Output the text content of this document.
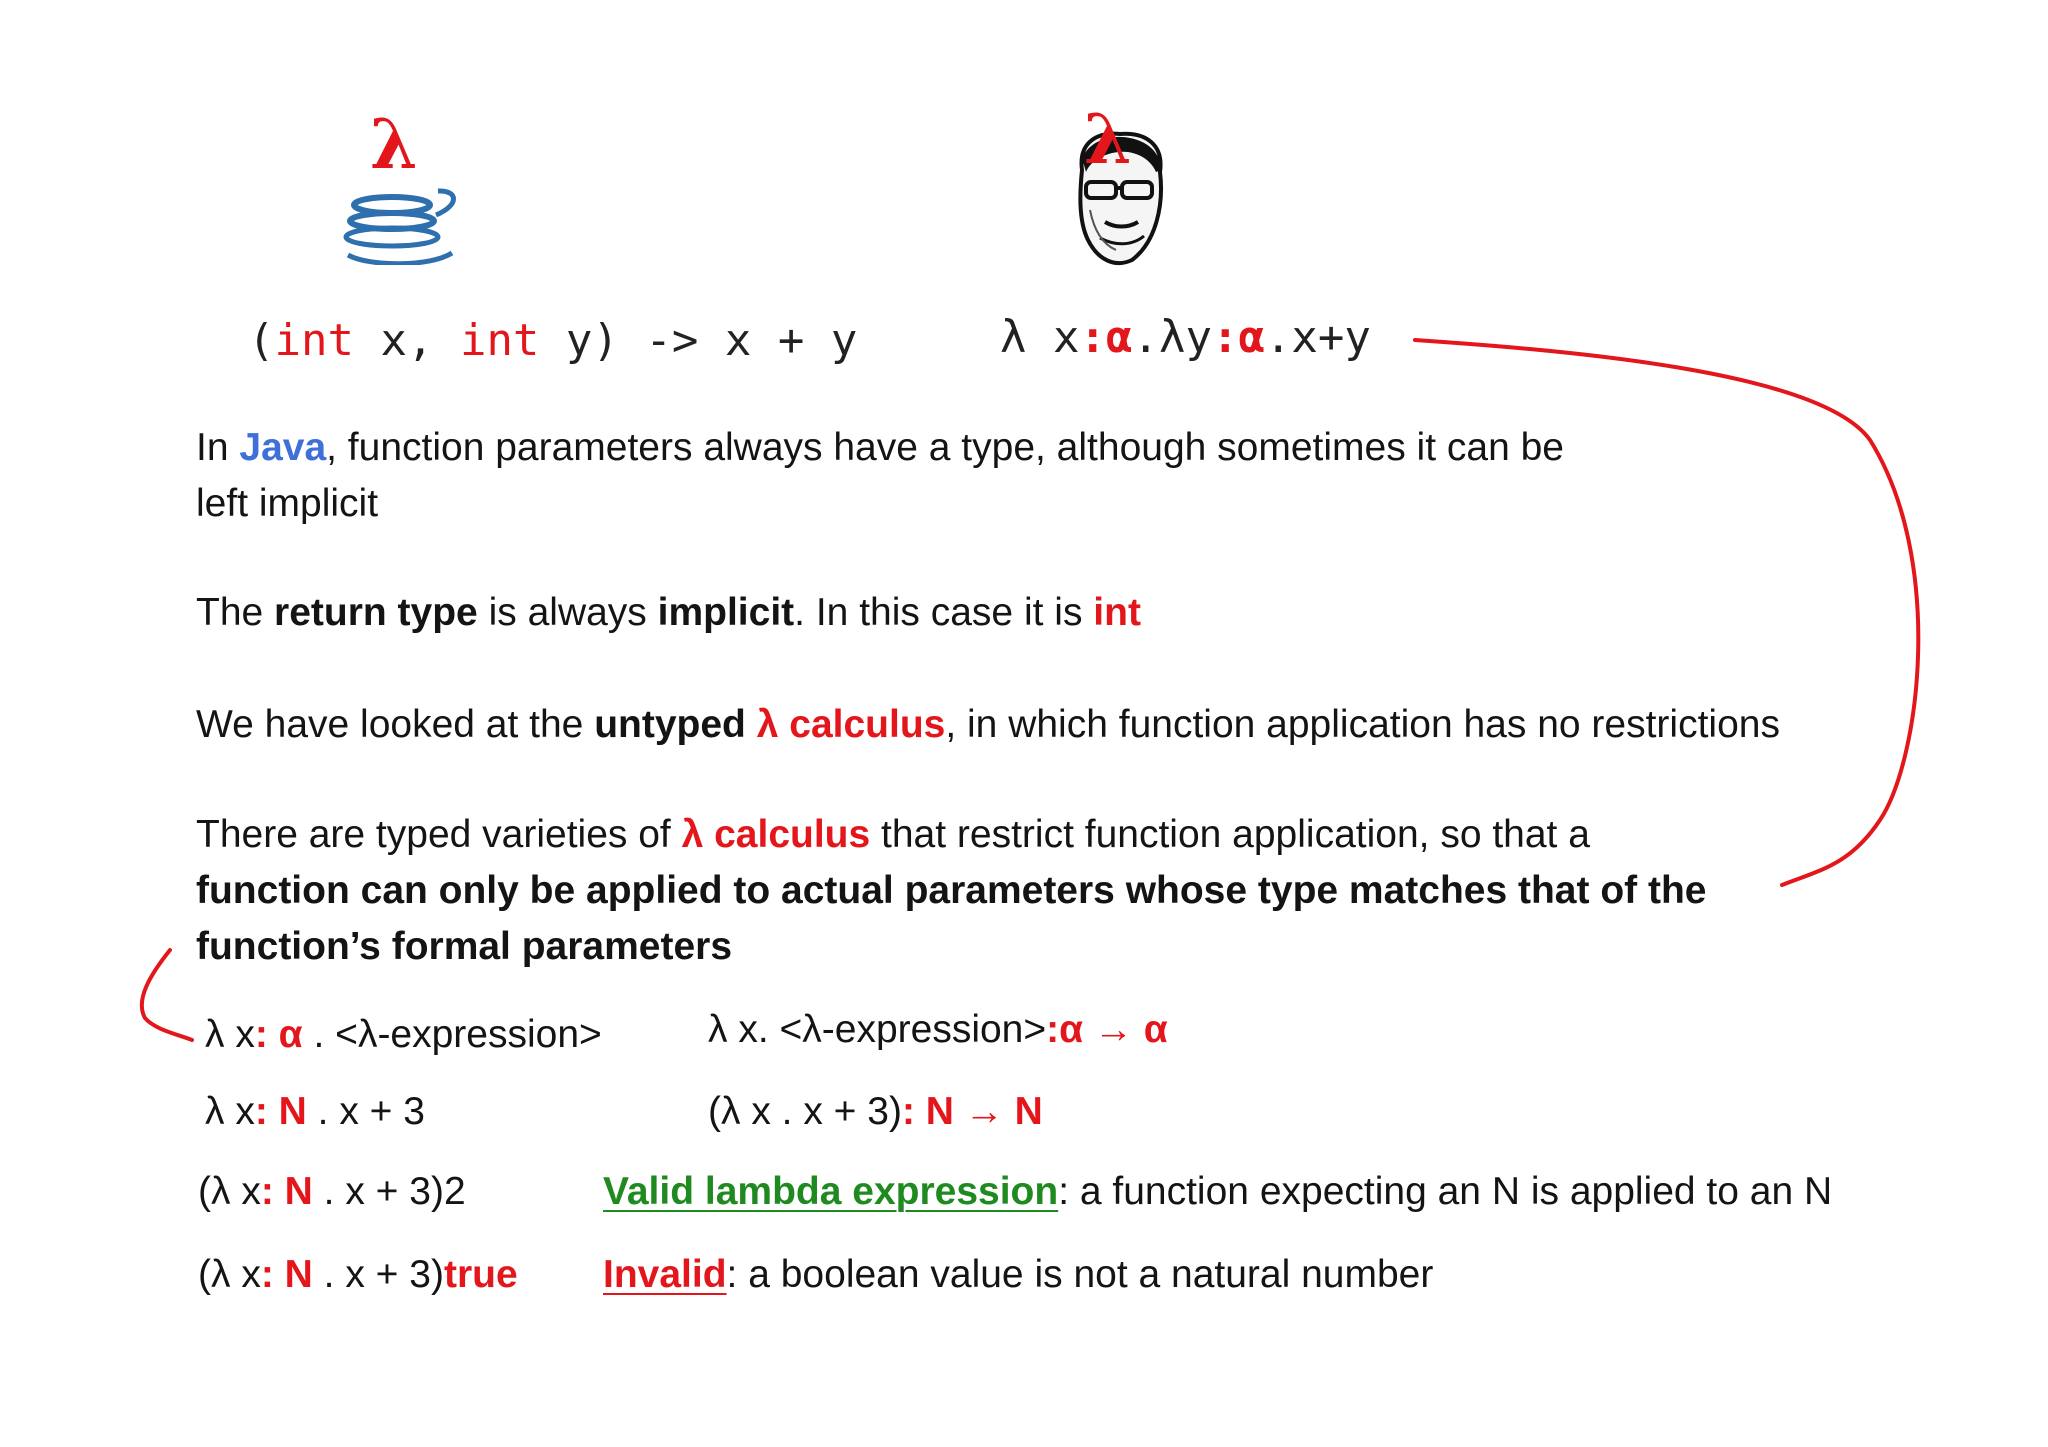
λ	λ
(int x, int y) -> x + y	λ x:α.λy:α.x+y
In Java, function parameters always have a type, although sometimes it can be
left implicit
The return type is always implicit. In this case it is int
We have looked at the untyped λ calculus, in which function application has no restrictions
There are typed varieties of λ calculus that restrict function application, so that a
function can only be applied to actual parameters whose type matches that of the
function’s formal parameters
λ x: α . <λ-expression>	λ x. <λ-expression>:α → α
λ x: N . x + 3	(λ x . x + 3): N → N
(λ x: N . x + 3)2	Valid lambda expression: a function expecting an N is applied to an N
(λ x: N . x + 3)true Invalid: a boolean value is not a natural number
